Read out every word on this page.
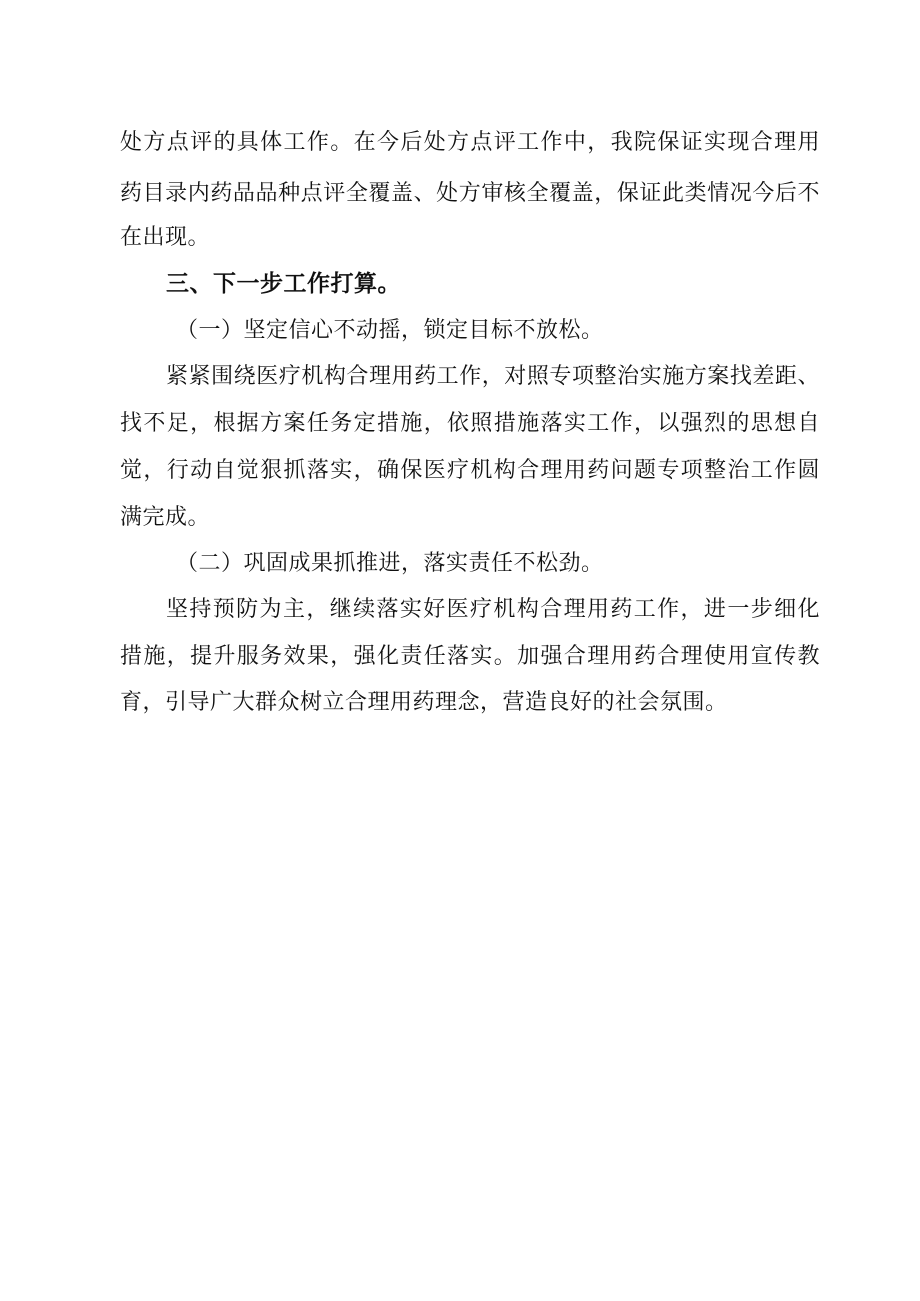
处方点评的具体工作。在今后处方点评工作中，我院保证实现合理用
药目录内药品品种点评全覆盖、处方审核全覆盖，保证此类情况今后不
在出现。
三、下一步工作打算。
（一）坚定信心不动摇，锁定目标不放松。
紧紧围绕医疗机构合理用药工作，对照专项整治实施方案找差距、
找不足，根据方案任务定措施，依照措施落实工作，以强烈的思想自
觉，行动自觉狠抓落实，确保医疗机构合理用药问题专项整治工作圆
满完成。
（二）巩固成果抓推进，落实责任不松劲。
坚持预防为主，继续落实好医疗机构合理用药工作，进一步细化
措施，提升服务效果，强化责任落实。加强合理用药合理使用宣传教
育，引导广大群众树立合理用药理念，营造良好的社会氛围。
